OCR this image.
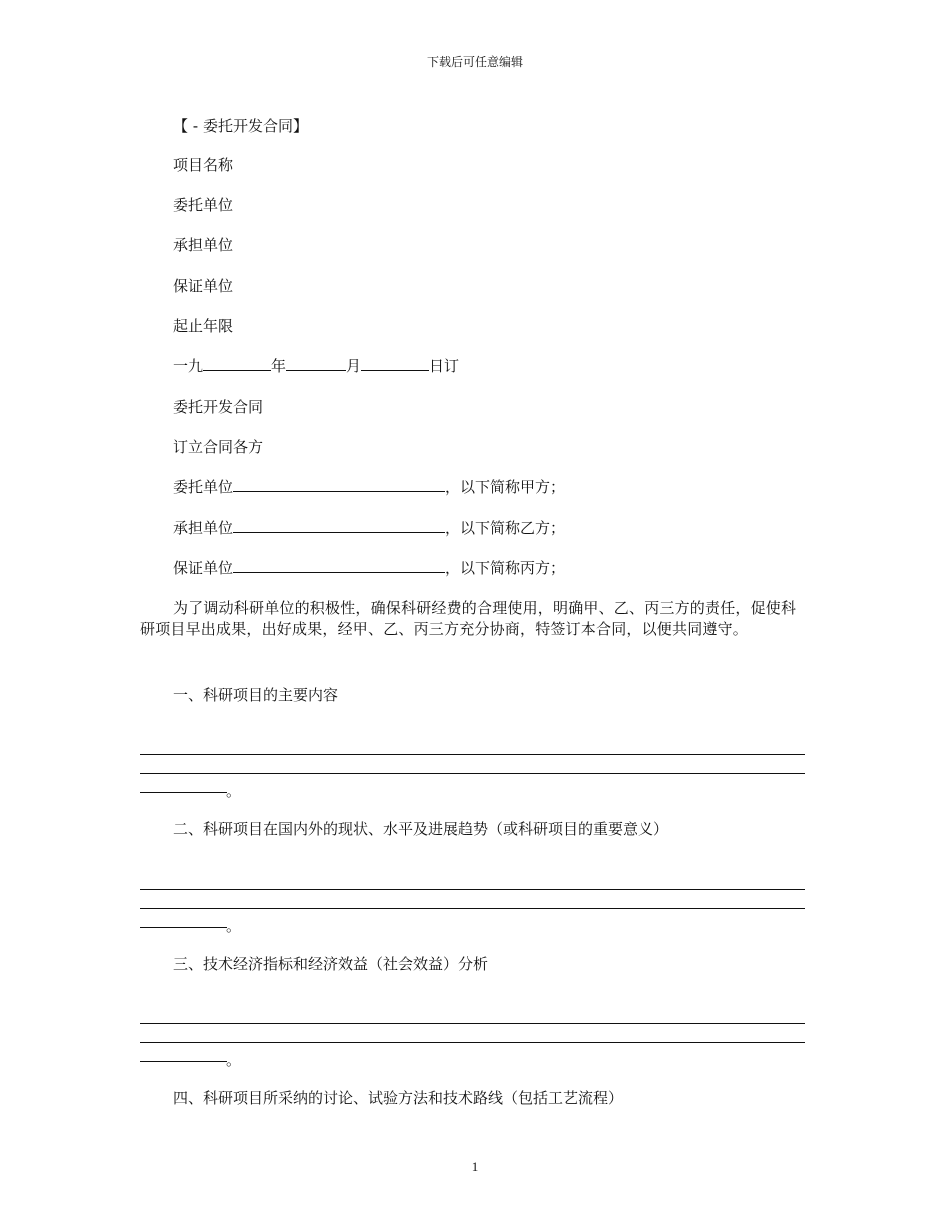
下载后可任意编辑
【 - 委托开发合同】
项目名称
委托单位
承担单位
保证单位
起止年限
一九	年	月	日订
委托开发合同
订立合同各方
委托单位	，以下简称甲方；
承担单位	，以下简称乙方；
保证单位	，以下简称丙方；
为了调动科研单位的积极性，确保科研经费的合理使用，明确甲、乙、丙三方的责任，促使科研项目早出成果，出好成果，经甲、乙、丙三方充分协商，特签订本合同，以便共同遵守。
一、科研项目的主要内容
。
二、科研项目在国内外的现状、水平及进展趋势（或科研项目的重要意义）
。
三、技术经济指标和经济效益（社会效益）分析
。
四、科研项目所采纳的讨论、试验方法和技术路线（包括工艺流程）
1
